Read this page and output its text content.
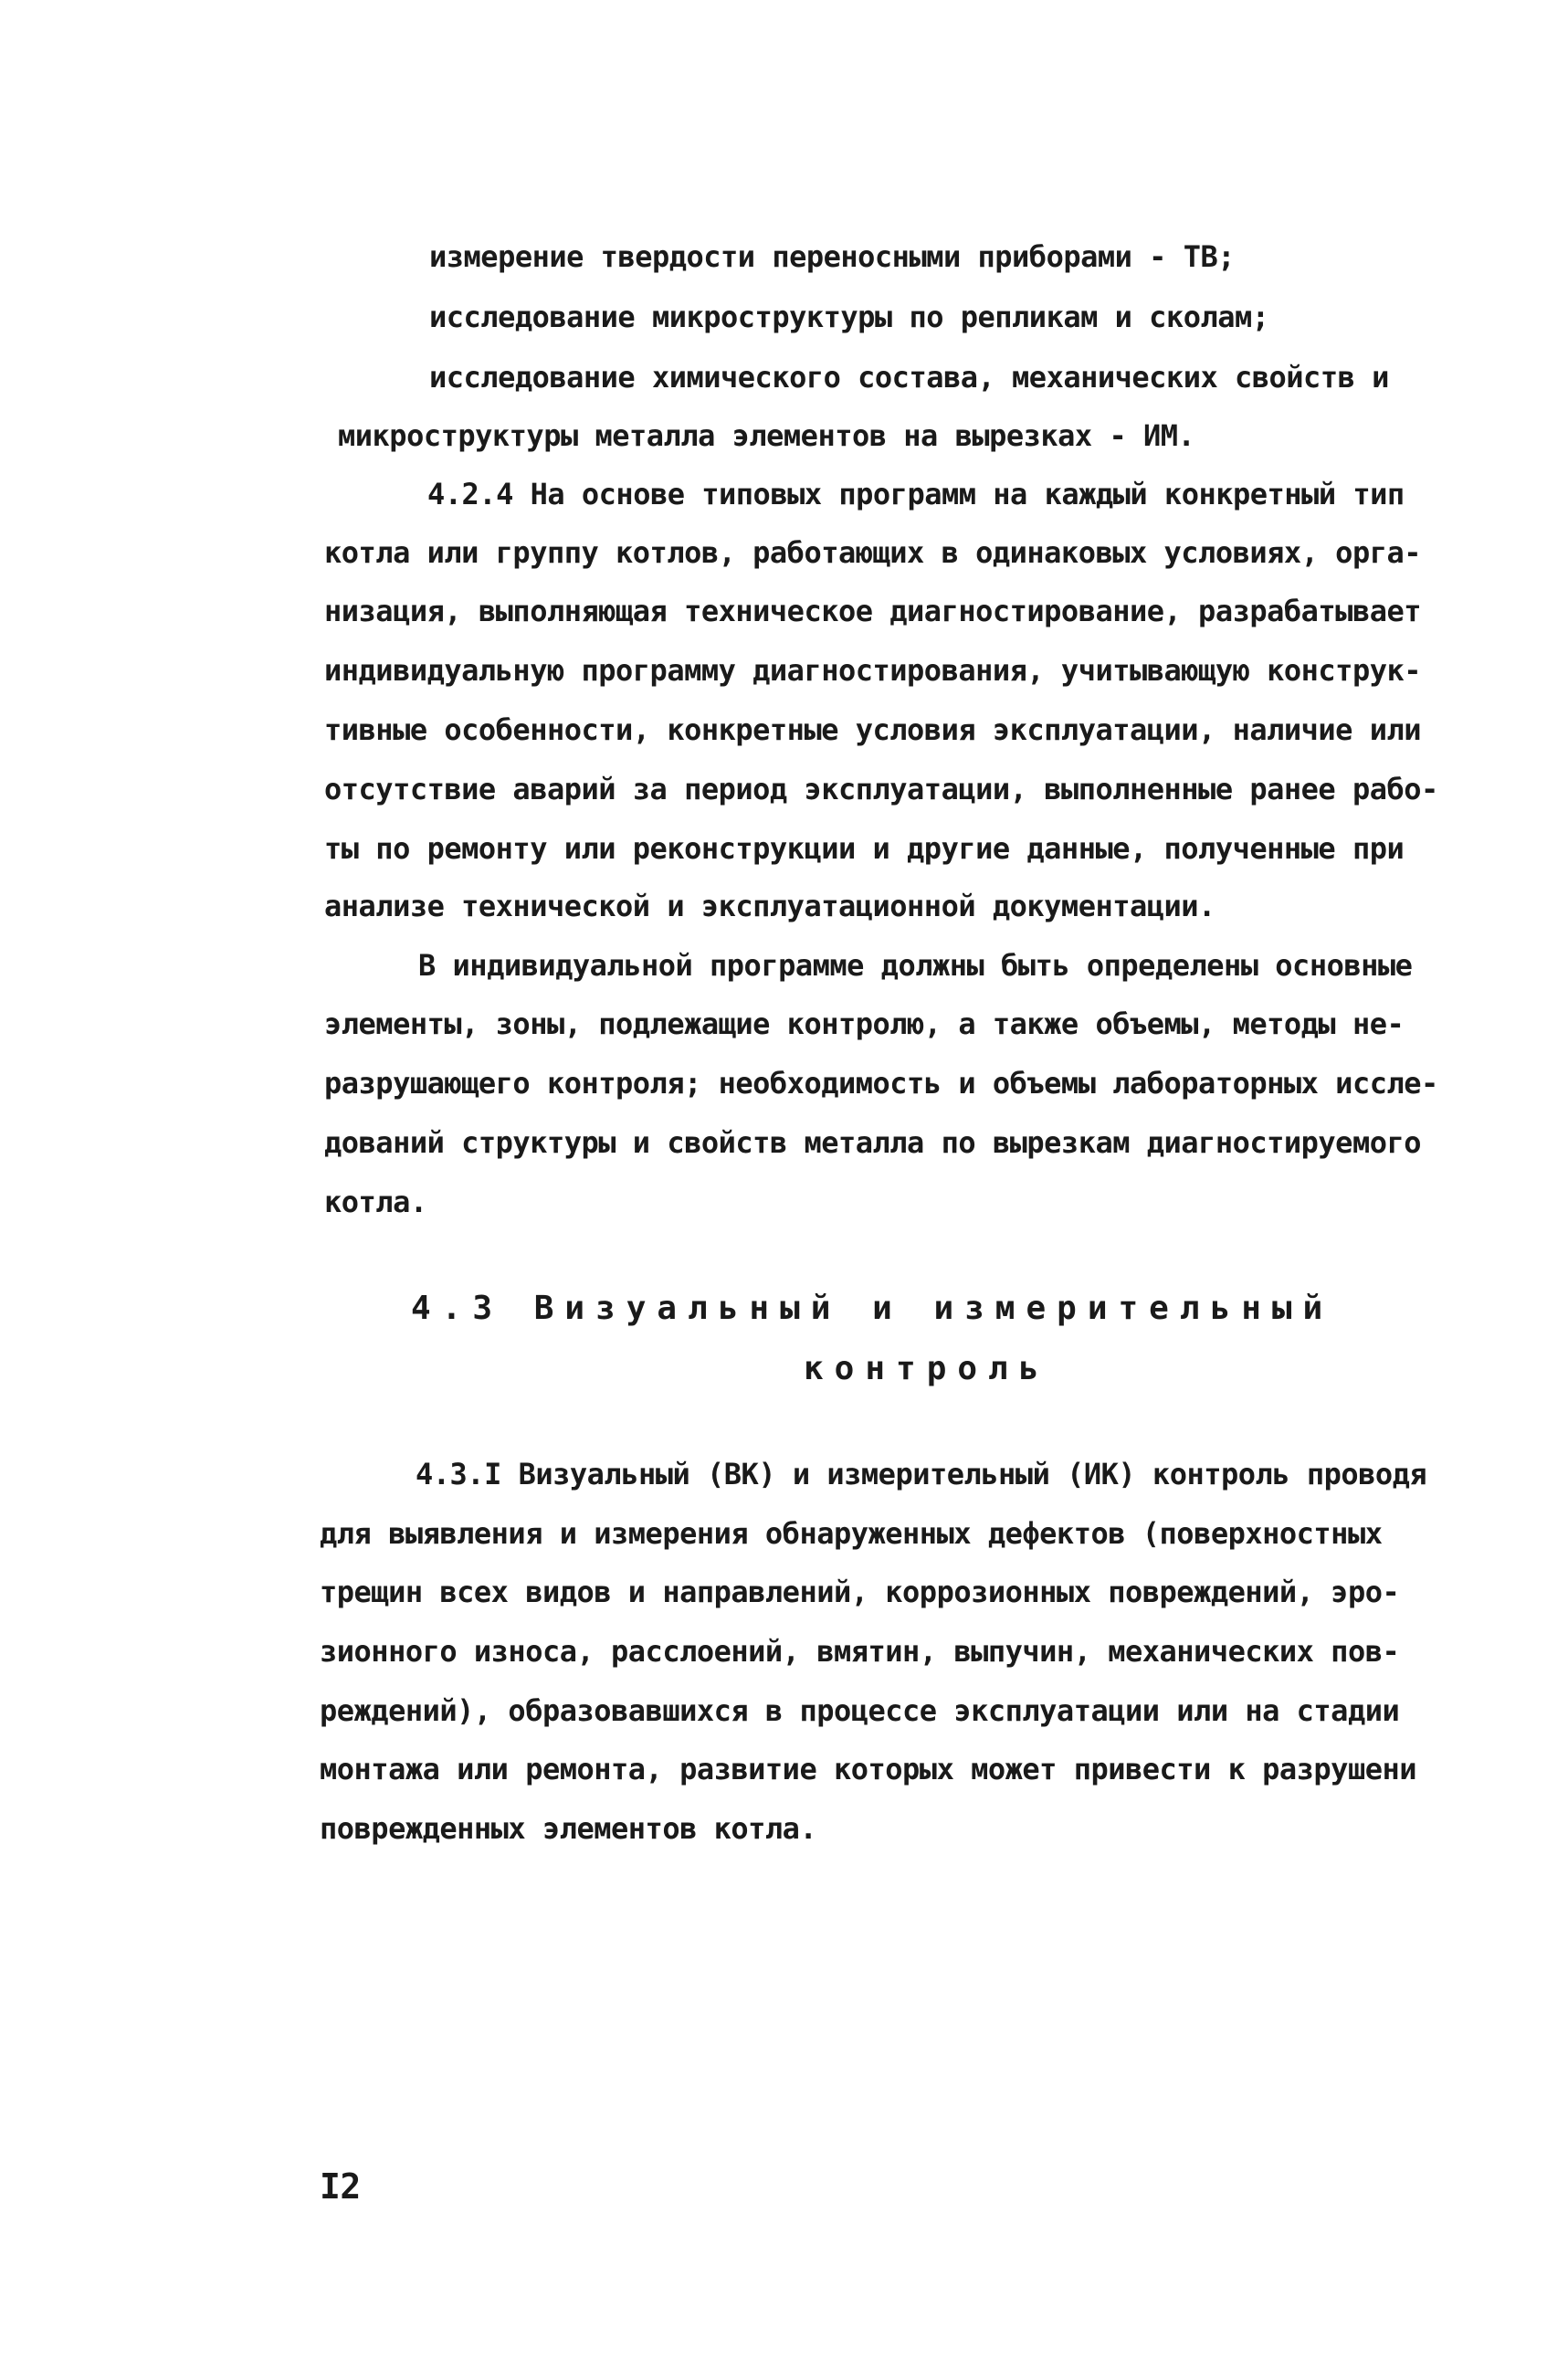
измерение твердости переносными приборами - ТВ;
исследование микроструктуры по репликам и сколам;
исследование химического состава, механических свойств и
микроструктуры металла элементов на вырезках - ИМ.
4.2.4 На основе типовых программ на каждый конкретный тип
котла или группу котлов, работающих в одинаковых условиях, орга-
низация, выполняющая техническое диагностирование, разрабатывает
индивидуальную программу диагностирования, учитывающую конструк-
тивные особенности, конкретные условия эксплуатации, наличие или
отсутствие аварий за период эксплуатации, выполненные ранее рабо-
ты по ремонту или реконструкции и другие данные, полученные при
анализе технической и эксплуатационной документации.
В индивидуальной программе должны быть определены основные
элементы, зоны, подлежащие контролю, а также объемы, методы не-
разрушающего контроля; необходимость и объемы лабораторных иссле-
дований структуры и свойств металла по вырезкам диагностируемого
котла.
4.3 Визуальный и измерительный
контроль
4.3.I Визуальный (ВК) и измерительный (ИК) контроль проводя
для выявления и измерения обнаруженных дефектов (поверхностных
трещин всех видов и направлений, коррозионных повреждений, эро-
зионного износа, расслоений, вмятин, выпучин, механических пов-
реждений), образовавшихся в процессе эксплуатации или на стадии
монтажа или ремонта, развитие которых может привести к разрушени
поврежденных элементов котла.
I2
